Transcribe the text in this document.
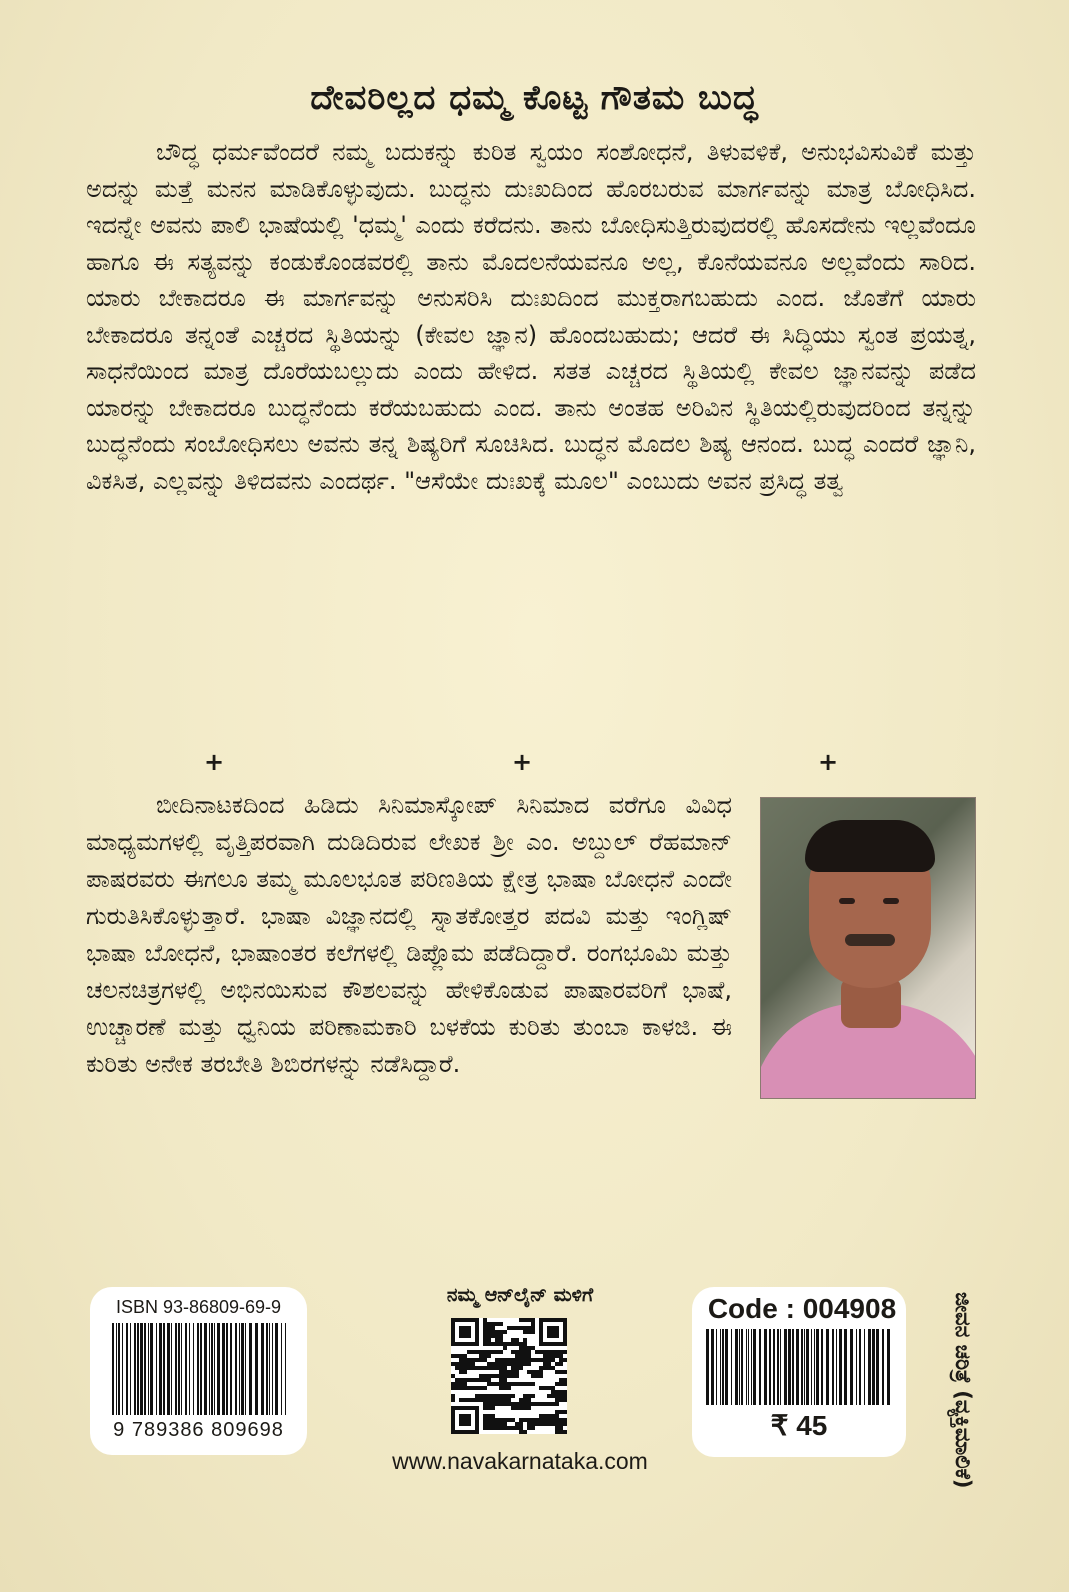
ದೇವರಿಲ್ಲದ ಧಮ್ಮ ಕೊಟ್ಟ ಗೌತಮ ಬುದ್ಧ
ಬೌದ್ಧ ಧರ್ಮವೆಂದರೆ ನಮ್ಮ ಬದುಕನ್ನು ಕುರಿತ ಸ್ವಯಂ ಸಂಶೋಧನೆ, ತಿಳುವಳಿಕೆ, ಅನುಭವಿಸುವಿಕೆ ಮತ್ತು ಅದನ್ನು ಮತ್ತೆ ಮನನ ಮಾಡಿಕೊಳ್ಳುವುದು. ಬುದ್ಧನು ದುಃಖದಿಂದ ಹೊರಬರುವ ಮಾರ್ಗವನ್ನು ಮಾತ್ರ ಬೋಧಿಸಿದ. ಇದನ್ನೇ ಅವನು ಪಾಲಿ ಭಾಷೆಯಲ್ಲಿ 'ಧಮ್ಮ' ಎಂದು ಕರೆದನು. ತಾನು ಬೋಧಿಸುತ್ತಿರುವುದರಲ್ಲಿ ಹೊಸದೇನು ಇಲ್ಲವೆಂದೂ ಹಾಗೂ ಈ ಸತ್ಯವನ್ನು ಕಂಡುಕೊಂಡವರಲ್ಲಿ ತಾನು ಮೊದಲನೆಯವನೂ ಅಲ್ಲ, ಕೊನೆಯವನೂ ಅಲ್ಲವೆಂದು ಸಾರಿದ. ಯಾರು ಬೇಕಾದರೂ ಈ ಮಾರ್ಗವನ್ನು ಅನುಸರಿಸಿ ದುಃಖದಿಂದ ಮುಕ್ತರಾಗಬಹುದು ಎಂದ. ಜೊತೆಗೆ ಯಾರು ಬೇಕಾದರೂ ತನ್ನಂತೆ ಎಚ್ಚರದ ಸ್ಥಿತಿಯನ್ನು (ಕೇವಲ ಜ್ಞಾನ) ಹೊಂದಬಹುದು; ಆದರೆ ಈ ಸಿದ್ಧಿಯು ಸ್ವಂತ ಪ್ರಯತ್ನ, ಸಾಧನೆಯಿಂದ ಮಾತ್ರ ದೊರೆಯಬಲ್ಲುದು ಎಂದು ಹೇಳಿದ. ಸತತ ಎಚ್ಚರದ ಸ್ಥಿತಿಯಲ್ಲಿ ಕೇವಲ ಜ್ಞಾನವನ್ನು ಪಡೆದ ಯಾರನ್ನು ಬೇಕಾದರೂ ಬುದ್ಧನೆಂದು ಕರೆಯಬಹುದು ಎಂದ. ತಾನು ಅಂತಹ ಅರಿವಿನ ಸ್ಥಿತಿಯಲ್ಲಿರುವುದರಿಂದ ತನ್ನನ್ನು ಬುದ್ಧನೆಂದು ಸಂಬೋಧಿಸಲು ಅವನು ತನ್ನ ಶಿಷ್ಯರಿಗೆ ಸೂಚಿಸಿದ. ಬುದ್ಧನ ಮೊದಲ ಶಿಷ್ಯ ಆನಂದ. ಬುದ್ಧ ಎಂದರೆ ಜ್ಞಾನಿ, ವಿಕಸಿತ, ಎಲ್ಲವನ್ನು ತಿಳಿದವನು ಎಂದರ್ಥ. "ಆಸೆಯೇ ದುಃಖಕ್ಕೆ ಮೂಲ" ಎಂಬುದು ಅವನ ಪ್ರಸಿದ್ಧ ತತ್ವ
+	+	+
ಬೀದಿನಾಟಕದಿಂದ ಹಿಡಿದು ಸಿನಿಮಾಸ್ಕೋಪ್ ಸಿನಿಮಾದ ವರೆಗೂ ವಿವಿಧ ಮಾಧ್ಯಮಗಳಲ್ಲಿ ವೃತ್ತಿಪರವಾಗಿ ದುಡಿದಿರುವ ಲೇಖಕ ಶ್ರೀ ಎಂ. ಅಬ್ದುಲ್ ರೆಹಮಾನ್ ಪಾಷರವರು ಈಗಲೂ ತಮ್ಮ ಮೂಲಭೂತ ಪರಿಣತಿಯ ಕ್ಷೇತ್ರ ಭಾಷಾ ಬೋಧನೆ ಎಂದೇ ಗುರುತಿಸಿಕೊಳ್ಳುತ್ತಾರೆ. ಭಾಷಾ ವಿಜ್ಞಾನದಲ್ಲಿ ಸ್ನಾತಕೋತ್ತರ ಪದವಿ ಮತ್ತು ಇಂಗ್ಲಿಷ್ ಭಾಷಾ ಬೋಧನೆ, ಭಾಷಾಂತರ ಕಲೆಗಳಲ್ಲಿ ಡಿಪ್ಲೊಮ ಪಡೆದಿದ್ದಾರೆ. ರಂಗಭೂಮಿ ಮತ್ತು ಚಲನಚಿತ್ರಗಳಲ್ಲಿ ಅಭಿನಯಿಸುವ ಕೌಶಲವನ್ನು ಹೇಳಿಕೊಡುವ ಪಾಷಾರವರಿಗೆ ಭಾಷೆ, ಉಚ್ಚಾರಣೆ ಮತ್ತು ಧ್ವನಿಯ ಪರಿಣಾಮಕಾರಿ ಬಳಕೆಯ ಕುರಿತು ತುಂಬಾ ಕಾಳಜಿ. ಈ ಕುರಿತು ಅನೇಕ ತರಬೇತಿ ಶಿಬಿರಗಳನ್ನು ನಡೆಸಿದ್ದಾರೆ.
ISBN 93-86809-69-9
9 789386 809698
ನಮ್ಮ ಆನ್‌ಲೈನ್ ಮಳಿಗೆ
www.navakarnataka.com
Code : 004908
₹ 45	ಜೀವನ ಚರಿತ್ರೆ (ವ್ಯಕ್ತಿಮಾಲಿಕೆ)
